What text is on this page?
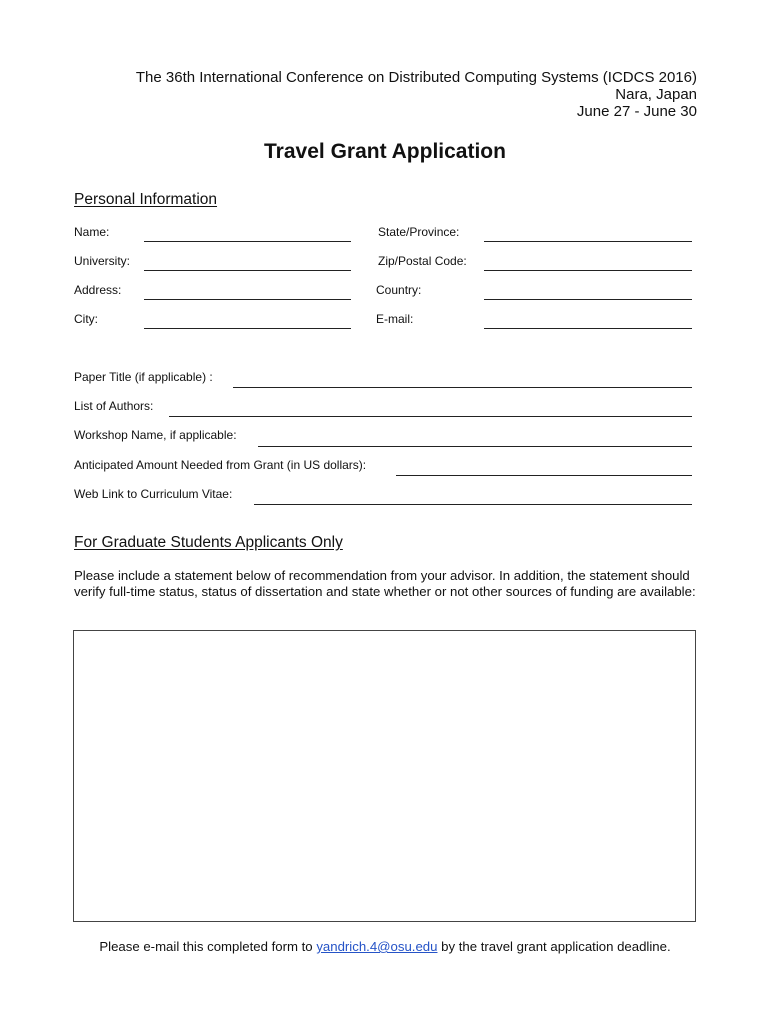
The 36th International Conference on Distributed Computing Systems (ICDCS 2016)
Nara, Japan
June 27 - June 30
Travel Grant Application
Personal Information
Name:	State/Province:
University:	Zip/Postal Code:
Address:	Country:
City:	E-mail:
Paper Title (if applicable) :
List of Authors:
Workshop Name, if applicable:
Anticipated Amount Needed from Grant (in US dollars):
Web Link to Curriculum Vitae:
For Graduate Students Applicants Only
Please include a statement below of recommendation from your advisor. In addition, the statement should verify full-time status, status of dissertation and state whether or not other sources of funding are available:
Please e-mail this completed form to yandrich.4@osu.edu by the travel grant application deadline.
